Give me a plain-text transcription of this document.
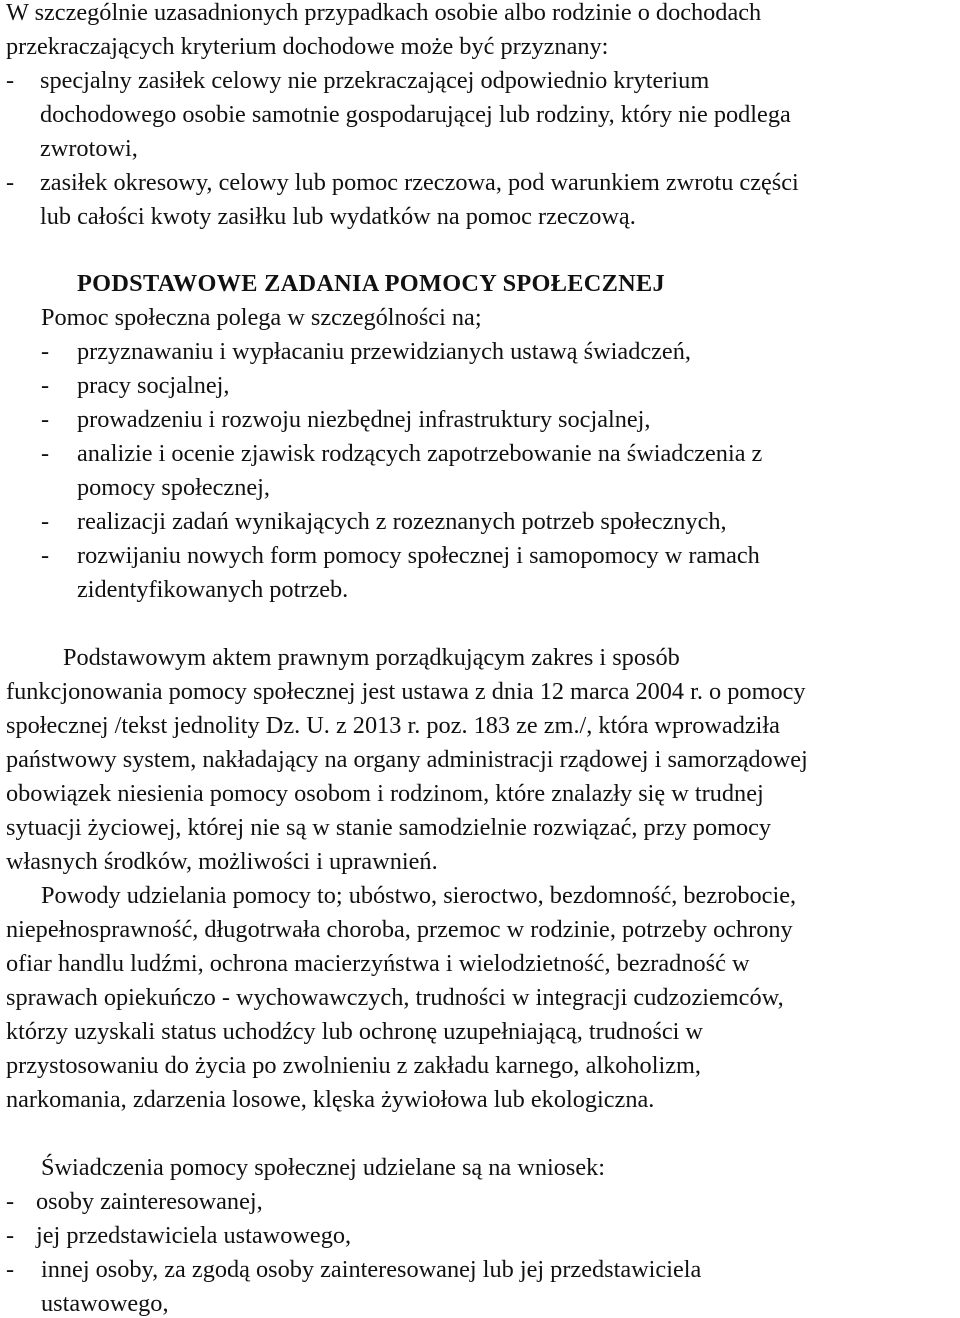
W szczególnie uzasadnionych przypadkach osobie albo rodzinie o dochodach
przekraczających kryterium dochodowe może być przyznany:
- specjalny zasiłek celowy nie przekraczającej odpowiednio kryterium
dochodowego osobie samotnie gospodarującej lub rodziny, który nie podlega
zwrotowi,
- zasiłek okresowy, celowy lub pomoc rzeczowa, pod warunkiem zwrotu części
lub całości kwoty zasiłku lub wydatków na pomoc rzeczową.
PODSTAWOWE ZADANIA POMOCY SPOŁECZNEJ
Pomoc społeczna polega w szczególności na;
- przyznawaniu i wypłacaniu przewidzianych ustawą świadczeń,
- pracy socjalnej,
- prowadzeniu i rozwoju niezbędnej infrastruktury socjalnej,
- analizie i ocenie zjawisk rodzących zapotrzebowanie na świadczenia z
pomocy społecznej,
- realizacji zadań wynikających z rozeznanych potrzeb społecznych,
- rozwijaniu nowych form pomocy społecznej i samopomocy w ramach
zidentyfikowanych potrzeb.
Podstawowym aktem prawnym porządkującym zakres i sposób
funkcjonowania pomocy społecznej jest ustawa z dnia 12 marca 2004 r. o pomocy
społecznej /tekst jednolity Dz. U. z 2013 r. poz. 183 ze zm./, która wprowadziła
państwowy system, nakładający na organy administracji rządowej i samorządowej
obowiązek niesienia pomocy osobom i rodzinom, które znalazły się w trudnej
sytuacji życiowej, której nie są w stanie samodzielnie rozwiązać, przy pomocy
własnych środków, możliwości i uprawnień.
Powody udzielania pomocy to; ubóstwo, sieroctwo, bezdomność, bezrobocie,
niepełnosprawność, długotrwała choroba, przemoc w rodzinie, potrzeby ochrony
ofiar handlu ludźmi, ochrona macierzyństwa i wielodzietność, bezradność w
sprawach opiekuńczo - wychowawczych, trudności w integracji cudzoziemców,
którzy uzyskali status uchodźcy lub ochronę uzupełniającą, trudności w
przystosowaniu do życia po zwolnieniu z zakładu karnego, alkoholizm,
narkomania, zdarzenia losowe, klęska żywiołowa lub ekologiczna.
Świadczenia pomocy społecznej udzielane są na wniosek:
- osoby zainteresowanej,
- jej przedstawiciela ustawowego,
- innej osoby, za zgodą osoby zainteresowanej lub jej przedstawiciela
ustawowego,
